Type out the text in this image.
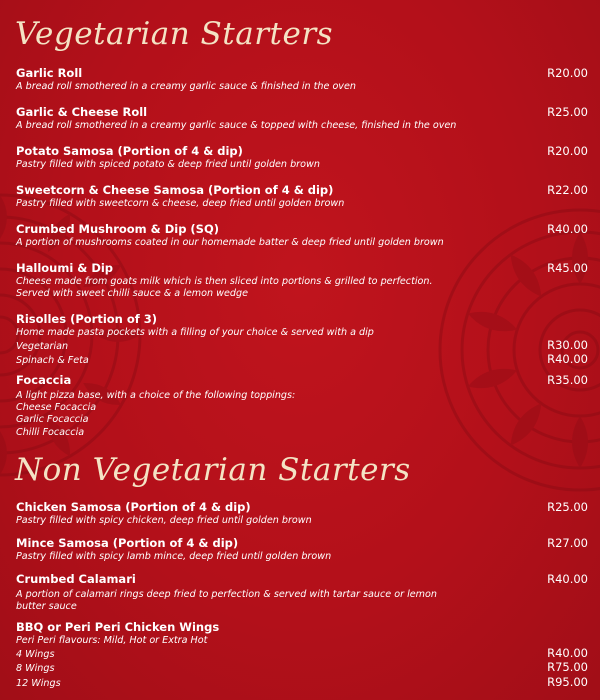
Vegetarian Starters
Garlic Roll	R20.00
A bread roll smothered in a creamy garlic sauce & finished in the oven
Garlic & Cheese Roll	R25.00
A bread roll smothered in a creamy garlic sauce & topped with cheese, finished in the oven
Potato Samosa (Portion of 4 & dip)	R20.00
Pastry filled with spiced potato & deep fried until golden brown
Sweetcorn & Cheese Samosa (Portion of 4 & dip)	R22.00
Pastry filled with sweetcorn & cheese, deep fried until golden brown
Crumbed Mushroom & Dip (SQ)	R40.00
A portion of mushrooms coated in our homemade batter & deep fried until golden brown
Halloumi & Dip	R45.00
Cheese made from goats milk which is then sliced into portions & grilled to perfection.
Served with sweet chilli sauce & a lemon wedge
Risolles (Portion of 3)
Home made pasta pockets with a filling of your choice & served with a dip
Vegetarian	R30.00
Spinach & Feta	R40.00
Focaccia	R35.00
A light pizza base, with a choice of the following toppings:
Cheese Focaccia
Garlic Focaccia
Chilli Focaccia
Non Vegetarian Starters
Chicken Samosa (Portion of 4 & dip)	R25.00
Pastry filled with spicy chicken, deep fried until golden brown
Mince Samosa (Portion of 4 & dip)	R27.00
Pastry filled with spicy lamb mince, deep fried until golden brown
Crumbed Calamari	R40.00
A portion of calamari rings deep fried to perfection & served with tartar sauce or lemon
butter sauce
BBQ or Peri Peri Chicken Wings
Peri Peri flavours: Mild, Hot or Extra Hot
4 Wings	R40.00
8 Wings	R75.00
12 Wings	R95.00
